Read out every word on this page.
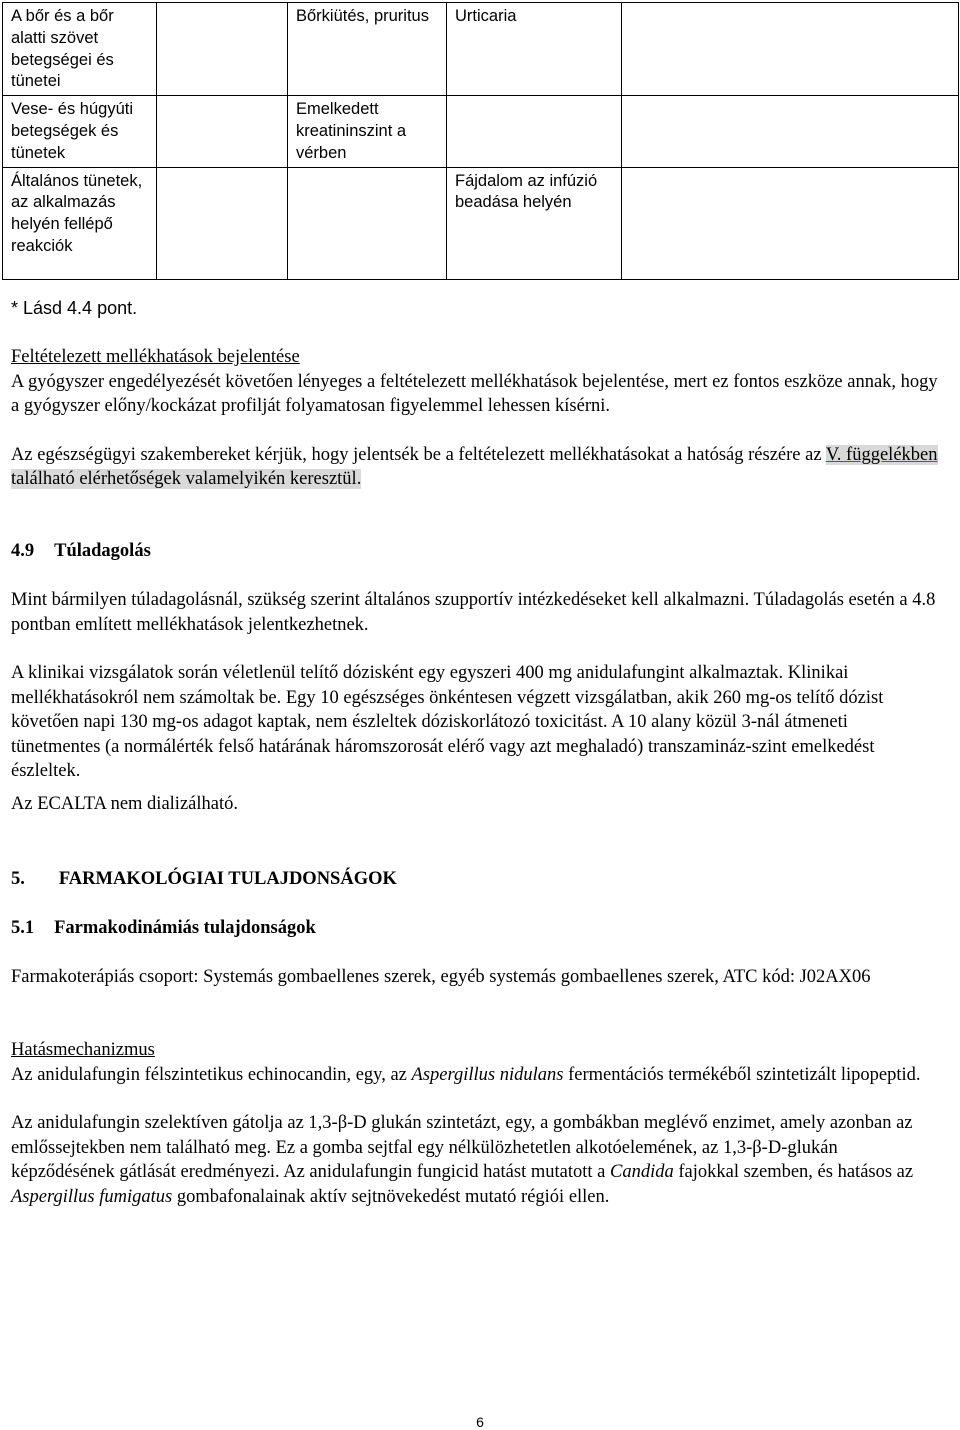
A bőr és a bőr alatti szövet betegségei és tünetei		Bőrkiütés, pruritus	Urticaria	
Vese- és húgyúti betegségek és tünetek		Emelkedett kreatininszint a vérben		
Általános tünetek, az alkalmazás helyén fellépő reakciók			Fájdalom az infúzió beadása helyén	
* Lásd 4.4 pont.
Feltételezett mellékhatások bejelentése
A gyógyszer engedélyezését követően lényeges a feltételezett mellékhatások bejelentése, mert ez fontos eszköze annak, hogy a gyógyszer előny/kockázat profilját folyamatosan figyelemmel lehessen kísérni.
Az egészségügyi szakembereket kérjük, hogy jelentsék be a feltételezett mellékhatásokat a hatóság részére az V. függelékben található elérhetőségek valamelyikén keresztül.
4.9 Túladagolás
Mint bármilyen túladagolásnál, szükség szerint általános szupportív intézkedéseket kell alkalmazni. Túladagolás esetén a 4.8 pontban említett mellékhatások jelentkezhetnek.
A klinikai vizsgálatok során véletlenül telítő dózisként egy egyszeri 400 mg anidulafungint alkalmaztak. Klinikai mellékhatásokról nem számoltak be. Egy 10 egészséges önkéntesen végzett vizsgálatban, akik 260 mg-os telítő dózist követően napi 130 mg-os adagot kaptak, nem észleltek dóziskorlátozó toxicitást. A 10 alany közül 3-nál átmeneti tünetmentes (a normálérték felső határának háromszorosát elérő vagy azt meghaladó) transzamináz-szint emelkedést észleltek.
Az ECALTA nem dializálható.
5. FARMAKOLÓGIAI TULAJDONSÁGOK
5.1 Farmakodinámiás tulajdonságok
Farmakoterápiás csoport: Systemás gombaellenes szerek, egyéb systemás gombaellenes szerek, ATC kód: J02AX06
Hatásmechanizmus
Az anidulafungin félszintetikus echinocandin, egy, az Aspergillus nidulans fermentációs termékéből szintetizált lipopeptid.
Az anidulafungin szelektíven gátolja az 1,3-β-D glukán szintetázt, egy, a gombákban meglévő enzimet, amely azonban az emlőssejtekben nem található meg. Ez a gomba sejtfal egy nélkülözhetetlen alkotóelemének, az 1,3-β-D-glukán képződésének gátlását eredményezi. Az anidulafungin fungicid hatást mutatott a Candida fajokkal szemben, és hatásos az Aspergillus fumigatus gombafonalainak aktív sejtnövekedést mutató régiói ellen.
6
